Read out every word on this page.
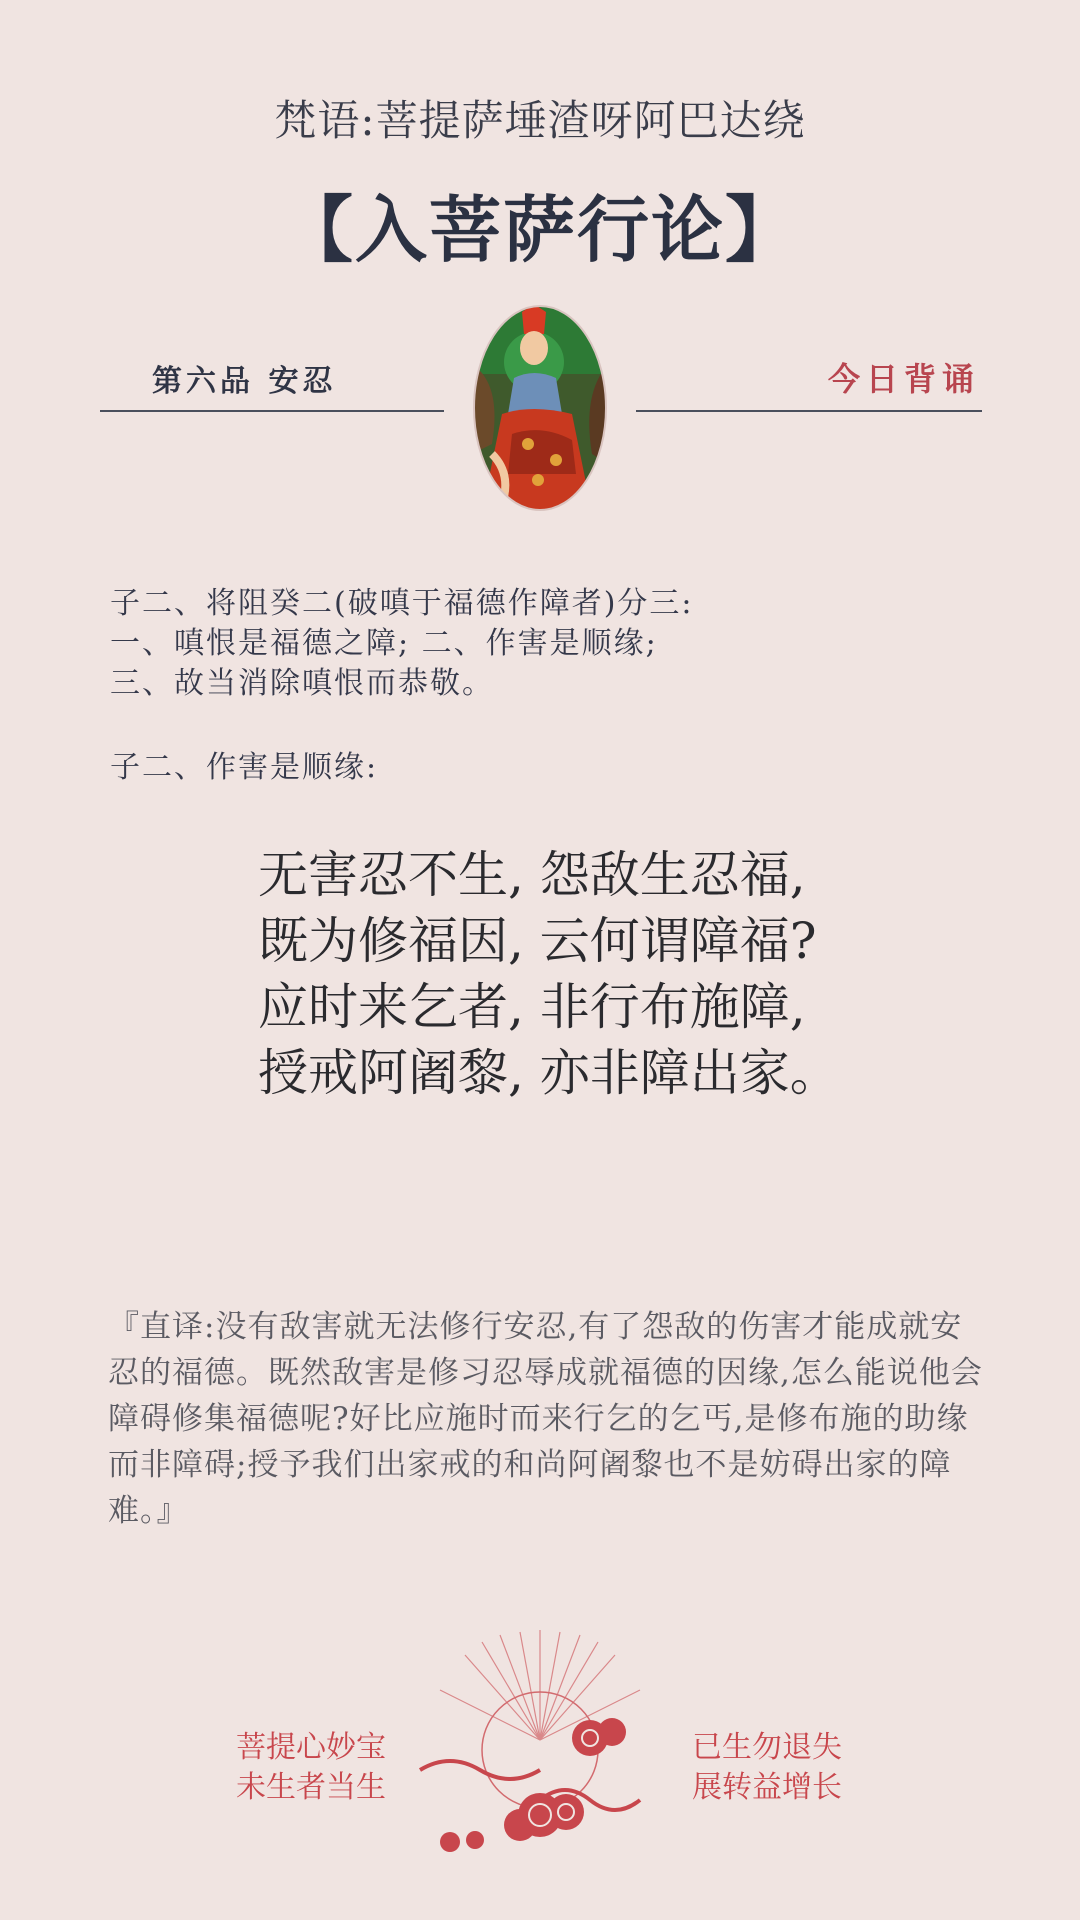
梵语:菩提萨埵渣呀阿巴达绕
【入菩萨行论】
第六品 安忍	今日背诵
子二、将阻癸二(破嗔于福德作障者)分三:
一、嗔恨是福德之障; 二、作害是顺缘;
三、故当消除嗔恨而恭敬。
子二、作害是顺缘:
无害忍不生, 怨敌生忍福,
既为修福因, 云何谓障福?
应时来乞者, 非行布施障,
授戒阿阇黎, 亦非障出家。
『直译:没有敌害就无法修行安忍,有了怨敌的伤害才能成就安忍的福德。既然敌害是修习忍辱成就福德的因缘,怎么能说他会障碍修集福德呢?好比应施时而来行乞的乞丐,是修布施的助缘而非障碍;授予我们出家戒的和尚阿阇黎也不是妨碍出家的障难。』
菩提心妙宝
未生者当生
已生勿退失
展转益增长
